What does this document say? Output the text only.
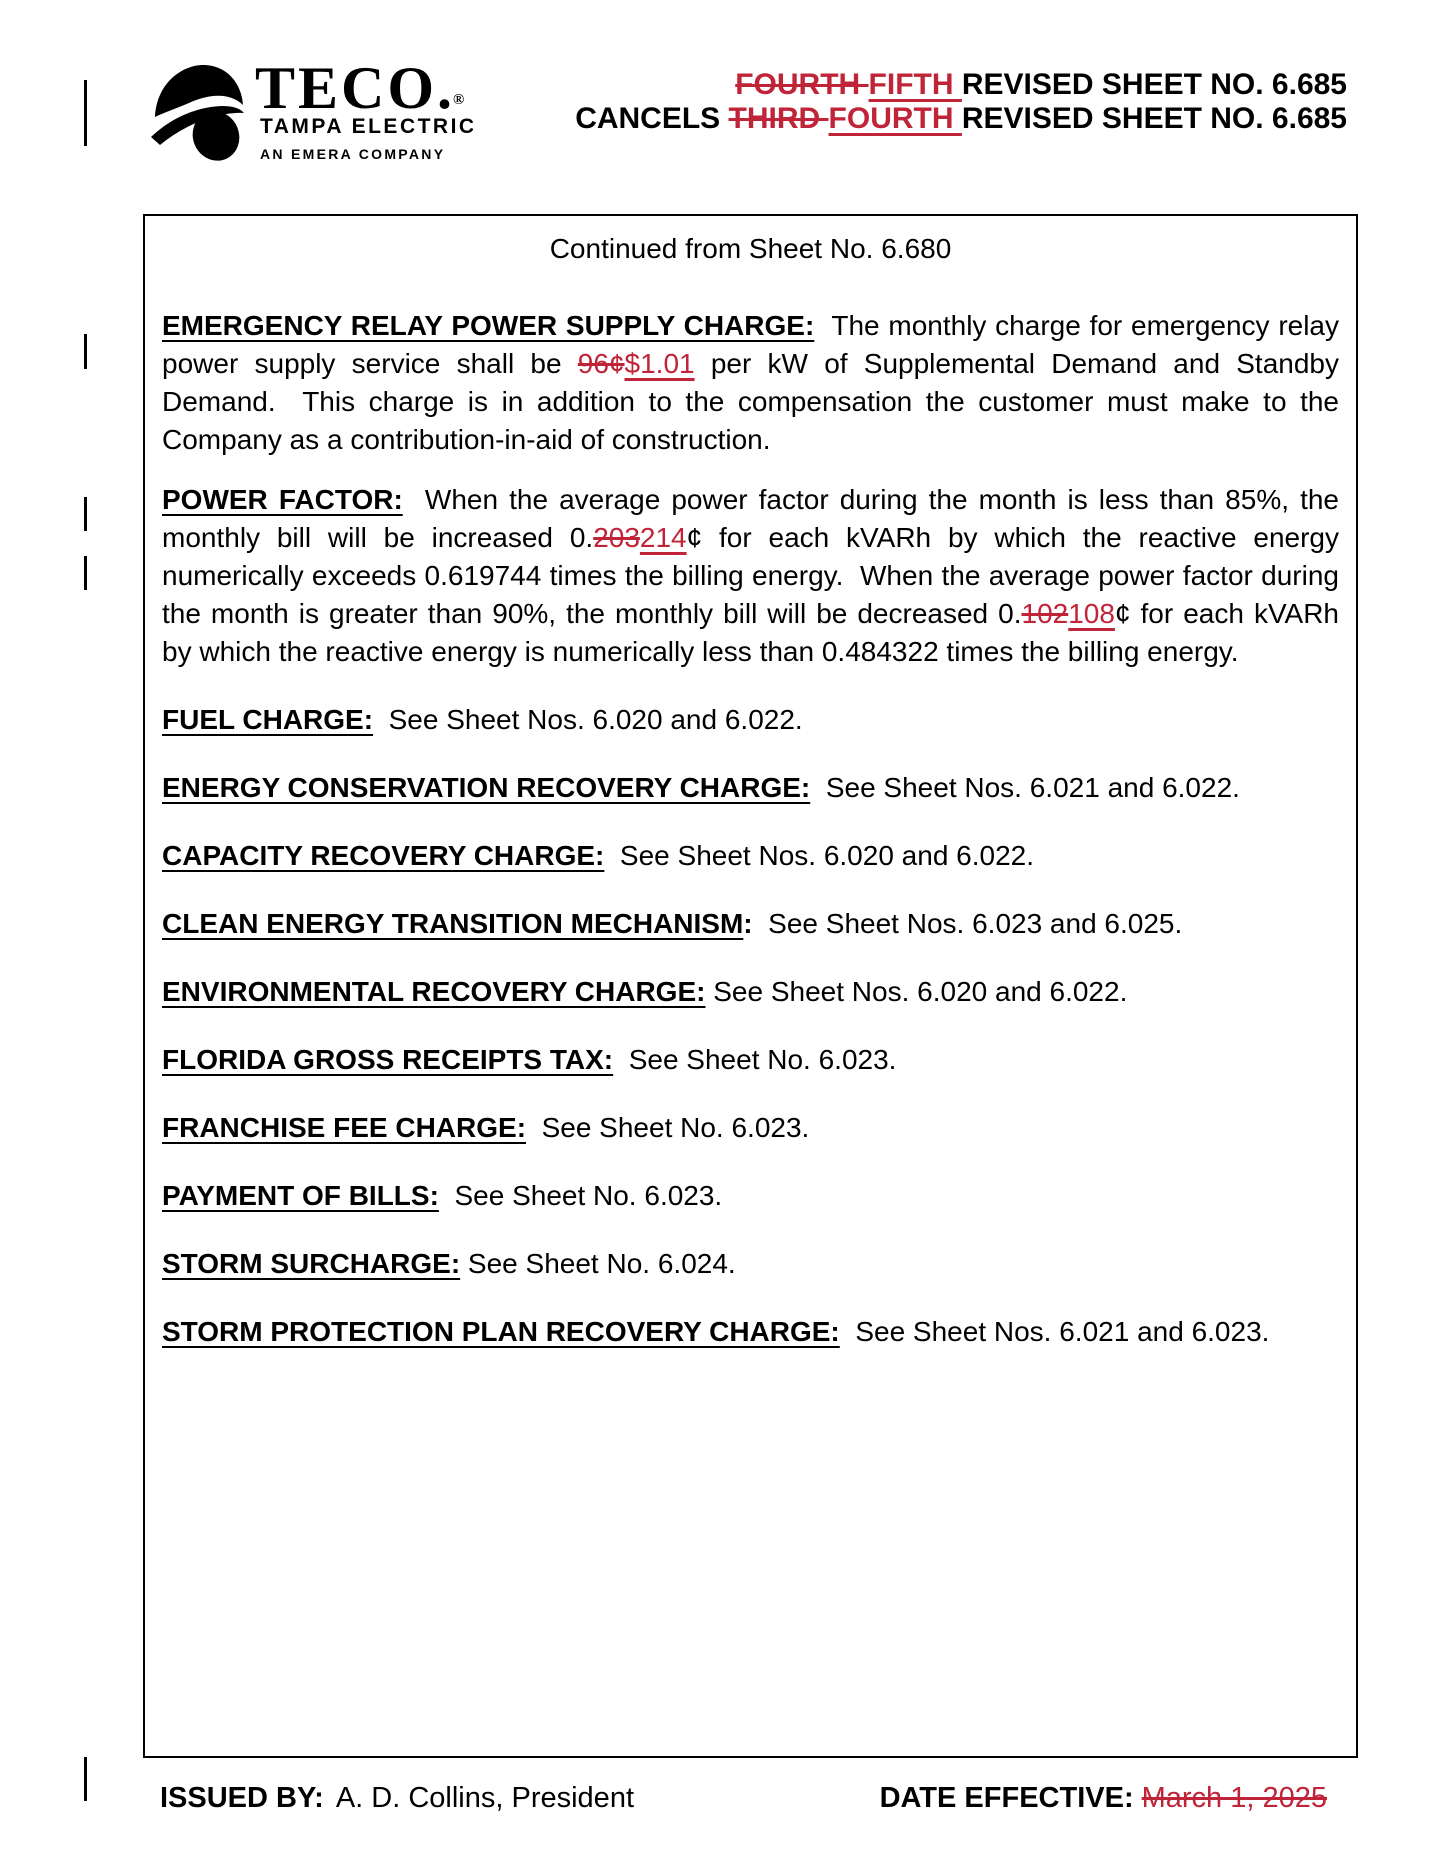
TECO.®
TAMPA ELECTRIC
AN EMERA COMPANY
FOURTH FIFTH REVISED SHEET NO. 6.685
CANCELS THIRD FOURTH REVISED SHEET NO. 6.685
Continued from Sheet No. 6.680

EMERGENCY RELAY POWER SUPPLY CHARGE:  The monthly charge for emergency relay power supply service shall be 96¢$1.01 per kW of Supplemental Demand and Standby Demand.  This charge is in addition to the compensation the customer must make to the Company as a contribution-in-aid of construction.

POWER FACTOR:  When the average power factor during the month is less than 85%, the monthly bill will be increased 0.203214¢ for each kVARh by which the reactive energy numerically exceeds 0.619744 times the billing energy.  When the average power factor during the month is greater than 90%, the monthly bill will be decreased 0.102108¢ for each kVARh by which the reactive energy is numerically less than 0.484322 times the billing energy.

FUEL CHARGE:  See Sheet Nos. 6.020 and 6.022.
ENERGY CONSERVATION RECOVERY CHARGE:  See Sheet Nos. 6.021 and 6.022.
CAPACITY RECOVERY CHARGE:  See Sheet Nos. 6.020 and 6.022.
CLEAN ENERGY TRANSITION MECHANISM:  See Sheet Nos. 6.023 and 6.025.
ENVIRONMENTAL RECOVERY CHARGE: See Sheet Nos. 6.020 and 6.022.
FLORIDA GROSS RECEIPTS TAX:  See Sheet No. 6.023.
FRANCHISE FEE CHARGE:  See Sheet No. 6.023.
PAYMENT OF BILLS:  See Sheet No. 6.023.
STORM SURCHARGE: See Sheet No. 6.024.
STORM PROTECTION PLAN RECOVERY CHARGE:  See Sheet Nos. 6.021 and 6.023.
ISSUED BY: A. D. Collins, President	DATE EFFECTIVE: March 1, 2025
